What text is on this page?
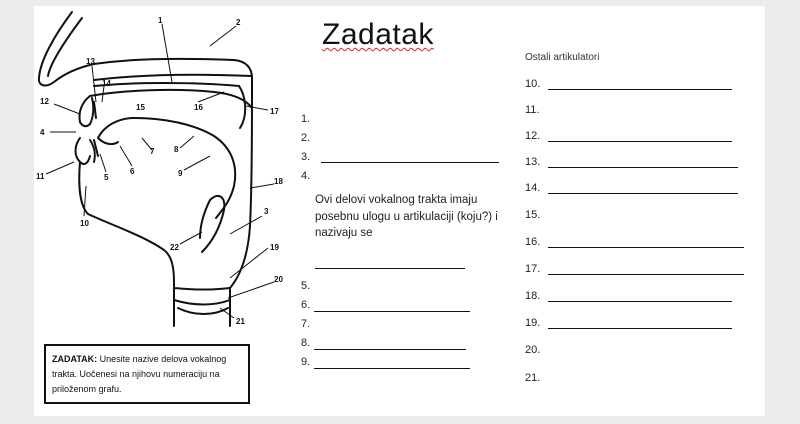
1	2
3
4
5
6
7 8
9
10
11
12
13
14
15	16	17
18
19
20
21
22
Zadatak
1.
2.
3.
4.
Ovi delovi vokalnog trakta imaju posebnu ulogu u artikulaciji (koju?) i nazivaju se
5.
6.
7.
8.
9.
Ostali artikulatori
10.
11.
12.
13.
14.
15.
16.
17.
18.
19.
20.
21.
ZADATAK: Unesite nazive delova vokalnog trakta. Uočenesi na njihovu numeraciju na priloženom grafu.
